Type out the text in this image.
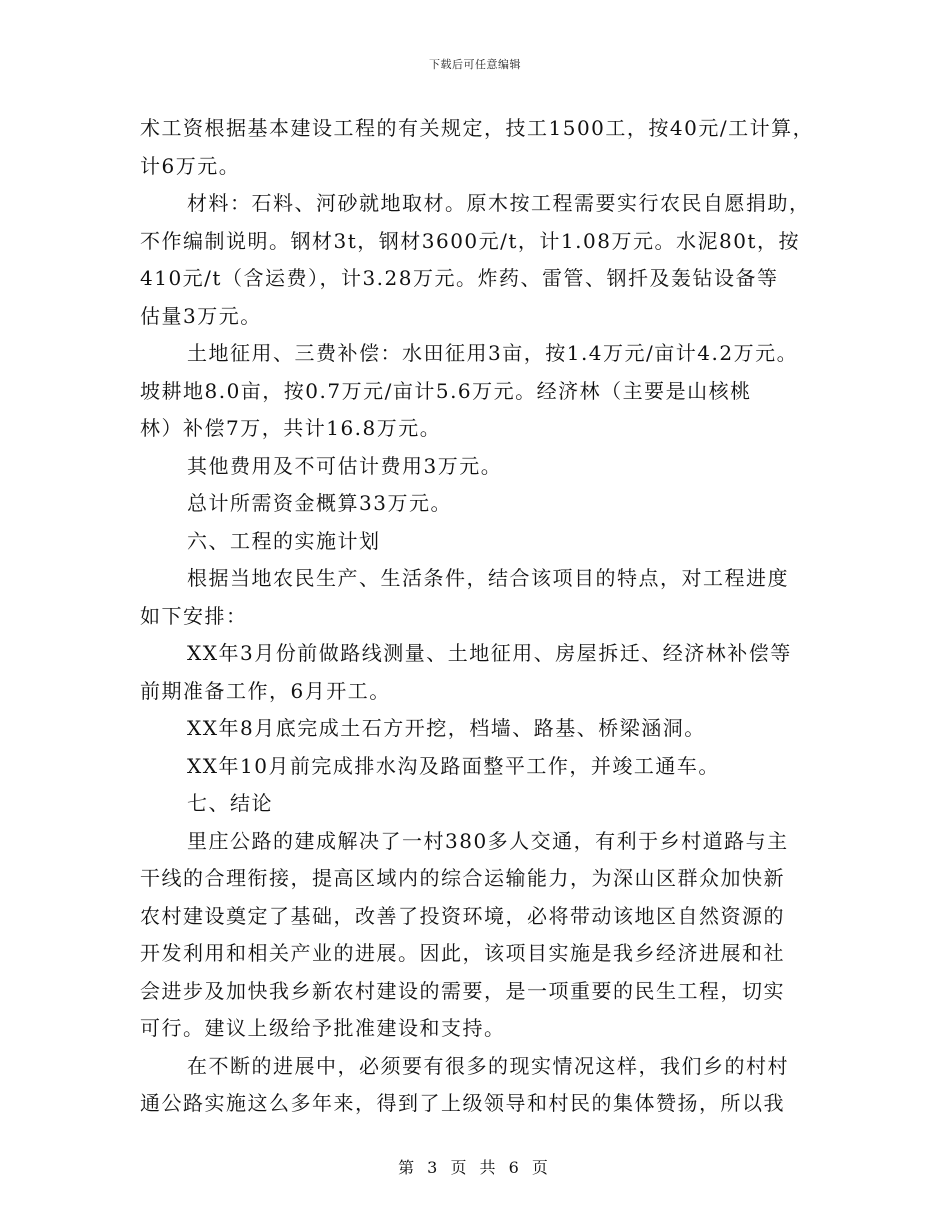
下载后可任意编辑
术工资根据基本建设工程的有关规定，技工1500工，按40元/工计算，
计6万元。
材料：石料、河砂就地取材。原木按工程需要实行农民自愿捐助，
不作编制说明。钢材3t，钢材3600元/t，计1.08万元。水泥80t，按
410元/t（含运费），计3.28万元。炸药、雷管、钢扦及轰钻设备等
估量3万元。
土地征用、三费补偿：水田征用3亩，按1.4万元/亩计4.2万元。
坡耕地8.0亩，按0.7万元/亩计5.6万元。经济林（主要是山核桃
林）补偿7万，共计16.8万元。
其他费用及不可估计费用3万元。
总计所需资金概算33万元。
六、工程的实施计划
根据当地农民生产、生活条件，结合该项目的特点，对工程进度
如下安排：
XX年3月份前做路线测量、土地征用、房屋拆迁、经济林补偿等
前期准备工作，6月开工。
XX年8月底完成土石方开挖，档墙、路基、桥梁涵洞。
XX年10月前完成排水沟及路面整平工作，并竣工通车。
七、结论
里庄公路的建成解决了一村380多人交通，有利于乡村道路与主
干线的合理衔接，提高区域内的综合运输能力，为深山区群众加快新
农村建设奠定了基础，改善了投资环境，必将带动该地区自然资源的
开发利用和相关产业的进展。因此，该项目实施是我乡经济进展和社
会进步及加快我乡新农村建设的需要，是一项重要的民生工程，切实
可行。建议上级给予批准建设和支持。
在不断的进展中，必须要有很多的现实情况这样，我们乡的村村
通公路实施这么多年来，得到了上级领导和村民的集体赞扬，所以我
第 3 页 共 6 页
